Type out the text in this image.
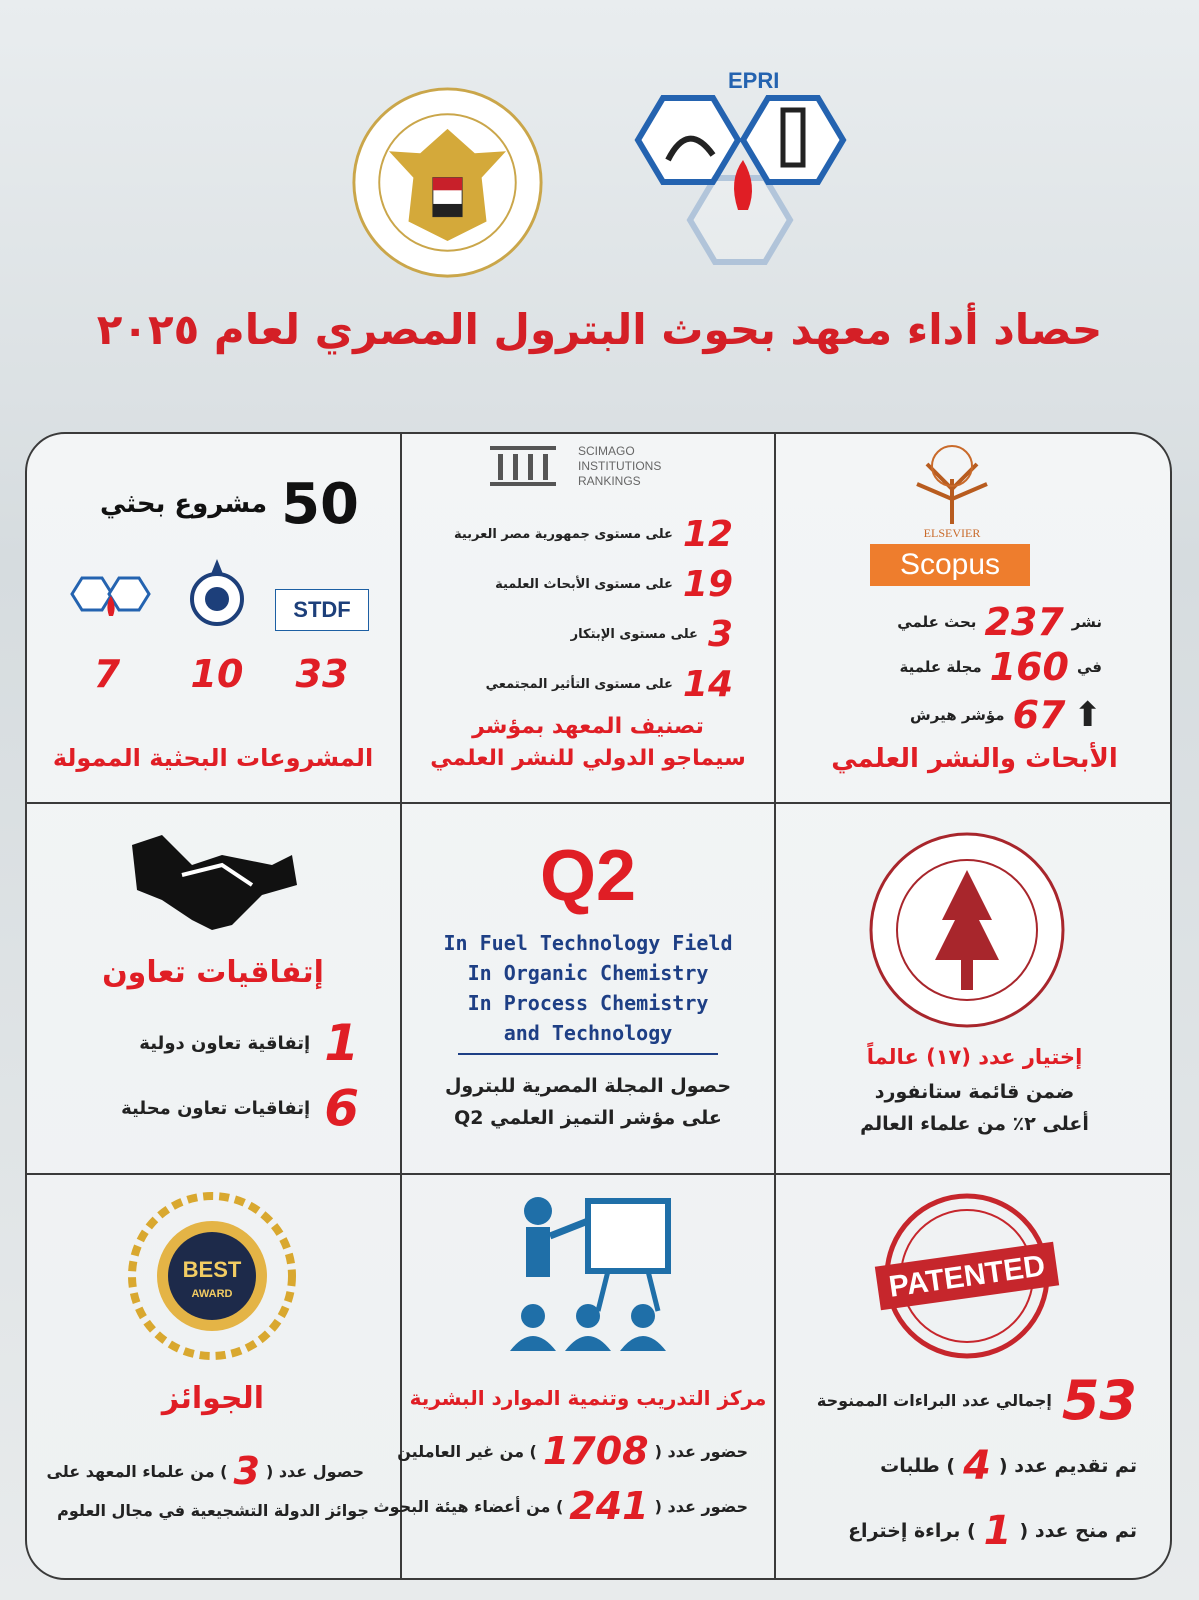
EPRI
حصاد أداء معهد بحوث البترول المصري لعام ٢٠٢٥
ELSEVIER
Scopus
نشر
237
بحث علمي
في
160
مجلة علمية
⬆
67
مؤشر هيرش
الأبحاث والنشر العلمي
SCIMAGO INSTITUTIONS RANKINGS
12
على مستوى جمهورية مصر العربية
19
على مستوى الأبحاث العلمية
3
على مستوى الإبتكار
14
على مستوى التأثير المجتمعي
تصنيف المعهد بمؤشر
سيماجو الدولي للنشر العلمي
50
مشروع بحثي
STDF
33
10
7
المشروعات البحثية الممولة
إختيار عدد (١٧) عالماً
ضمن قائمة ستانفورد
أعلى ٢٪ من علماء العالم
Q2
In Fuel Technology Field
In Organic Chemistry
In Process Chemistry
and Technology
حصول المجلة المصرية للبترول
على مؤشر التميز العلمي Q2
إتفاقيات تعاون
1
إتفاقية تعاون دولية
6
إتفاقيات تعاون محلية
PATENTED
53
إجمالي عدد البراءات الممنوحة
تم تقديم عدد (
4
) طلبات
تم منح عدد (
1
) براءة إختراع
مركز التدريب وتنمية الموارد البشرية
حضور عدد (
1708
) من غير العاملين
حضور عدد (
241
) من أعضاء هيئة البحوث
BEST
AWARD
الجوائز
حصول عدد (
3
) من علماء المعهد على
جوائز الدولة التشجيعية في مجال العلوم
